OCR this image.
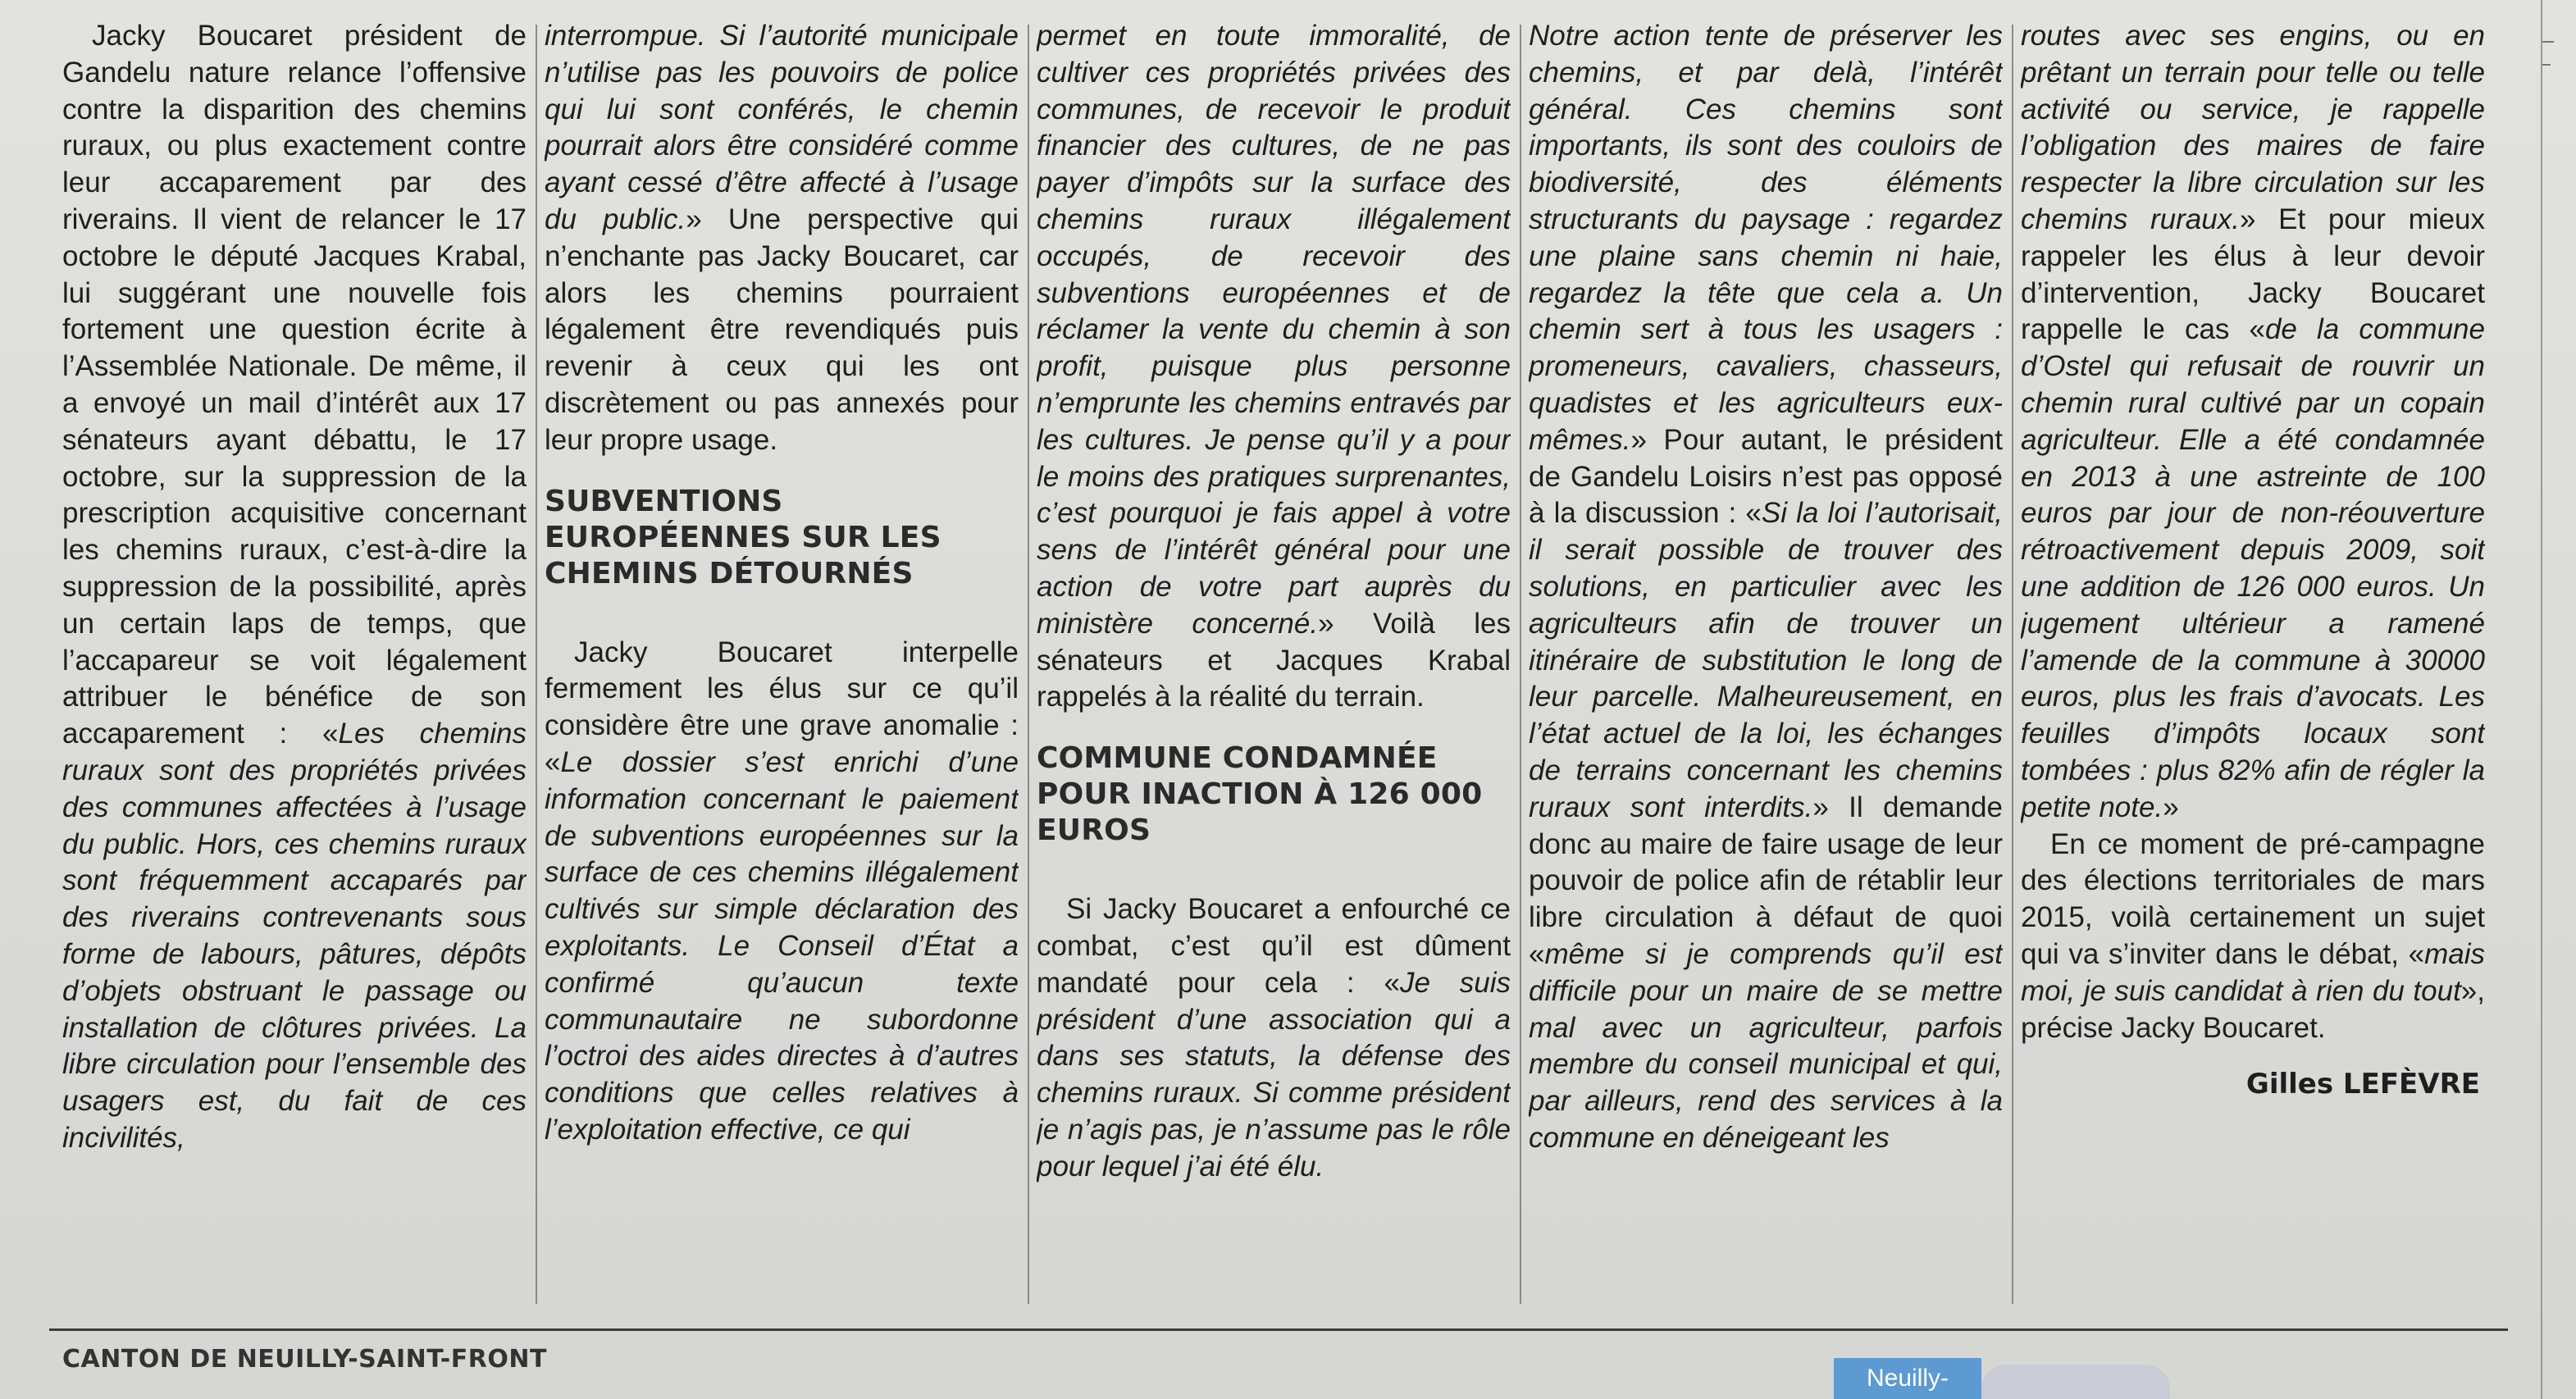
Jacky Boucaret président de Gandelu nature relance l’offensive contre la disparition des chemins ruraux, ou plus exactement contre leur accaparement par des riverains. Il vient de relancer le 17 octobre le député Jacques Krabal, lui suggérant une nouvelle fois fortement une question écrite à l’Assemblée Nationale. De même, il a envoyé un mail d’intérêt aux 17 sénateurs ayant débattu, le 17 octobre, sur la suppression de la prescription acquisitive concernant les chemins ruraux, c’est-à-dire la suppression de la possibilité, après un certain laps de temps, que l’accapareur se voit légalement attribuer le bénéfice de son accaparement : «Les chemins ruraux sont des propriétés privées des communes affectées à l’usage du public. Hors, ces chemins ruraux sont fréquemment accaparés par des riverains contrevenants sous forme de labours, pâtures, dépôts d’objets obstruant le passage ou installation de clôtures privées. La libre circulation pour l’ensemble des usagers est, du fait de ces incivilités,

interrompue. Si l’autorité municipale n’utilise pas les pouvoirs de police qui lui sont conférés, le chemin pourrait alors être considéré comme ayant cessé d’être affecté à l’usage du public.» Une perspective qui n’enchante pas Jacky Boucaret, car alors les chemins pourraient légalement être revendiqués puis revenir à ceux qui les ont discrètement ou pas annexés pour leur propre usage.

SUBVENTIONS EUROPÉENNES SUR LES CHEMINS DÉTOURNÉS

Jacky Boucaret interpelle fermement les élus sur ce qu’il considère être une grave anomalie : «Le dossier s’est enrichi d’une information concernant le paiement de subventions européennes sur la surface de ces chemins illégalement cultivés sur simple déclaration des exploitants. Le Conseil d’État a confirmé qu’aucun texte communautaire ne subordonne l’octroi des aides directes à d’autres conditions que celles relatives à l’exploitation effective, ce qui

permet en toute immoralité, de cultiver ces propriétés privées des communes, de recevoir le produit financier des cultures, de ne pas payer d’impôts sur la surface des chemins ruraux illégalement occupés, de recevoir des subventions européennes et de réclamer la vente du chemin à son profit, puisque plus personne n’emprunte les chemins entravés par les cultures. Je pense qu’il y a pour le moins des pratiques surprenantes, c’est pourquoi je fais appel à votre sens de l’intérêt général pour une action de votre part auprès du ministère concerné.» Voilà les sénateurs et Jacques Krabal rappelés à la réalité du terrain.

COMMUNE CONDAMNÉE POUR INACTION À 126 000 EUROS

Si Jacky Boucaret a enfourché ce combat, c’est qu’il est dûment mandaté pour cela : «Je suis président d’une association qui a dans ses statuts, la défense des chemins ruraux. Si comme président je n’agis pas, je n’assume pas le rôle pour lequel j’ai été élu.

Notre action tente de préserver les chemins, et par delà, l’intérêt général. Ces chemins sont importants, ils sont des couloirs de biodiversité, des éléments structurants du paysage : regardez une plaine sans chemin ni haie, regardez la tête que cela a. Un chemin sert à tous les usagers : promeneurs, cavaliers, chasseurs, quadistes et les agriculteurs eux-mêmes.» Pour autant, le président de Gandelu Loisirs n’est pas opposé à la discussion : «Si la loi l’autorisait, il serait possible de trouver des solutions, en particulier avec les agriculteurs afin de trouver un itinéraire de substitution le long de leur parcelle. Malheureusement, en l’état actuel de la loi, les échanges de terrains concernant les chemins ruraux sont interdits.» Il demande donc au maire de faire usage de leur pouvoir de police afin de rétablir leur libre circulation à défaut de quoi «même si je comprends qu’il est difficile pour un maire de se mettre mal avec un agriculteur, parfois membre du conseil municipal et qui, par ailleurs, rend des services à la commune en déneigeant les

routes avec ses engins, ou en prêtant un terrain pour telle ou telle activité ou service, je rappelle l’obligation des maires de faire respecter la libre circulation sur les chemins ruraux.» Et pour mieux rappeler les élus à leur devoir d’intervention, Jacky Boucaret rappelle le cas «de la commune d’Ostel qui refusait de rouvrir un chemin rural cultivé par un copain agriculteur. Elle a été condamnée en 2013 à une astreinte de 100 euros par jour de non-réouverture rétroactivement depuis 2009, soit une addition de 126 000 euros. Un jugement ultérieur a ramené l’amende de la commune à 30000 euros, plus les frais d’avocats. Les feuilles d’impôts locaux sont tombées : plus 82% afin de régler la petite note.»

En ce moment de pré-campagne des élections territoriales de mars 2015, voilà certainement un sujet qui va s’inviter dans le débat, «mais moi, je suis candidat à rien du tout», précise Jacky Boucaret.

Gilles LEFÈVRE

CANTON DE NEUILLY-SAINT-FRONT
Neuilly-
